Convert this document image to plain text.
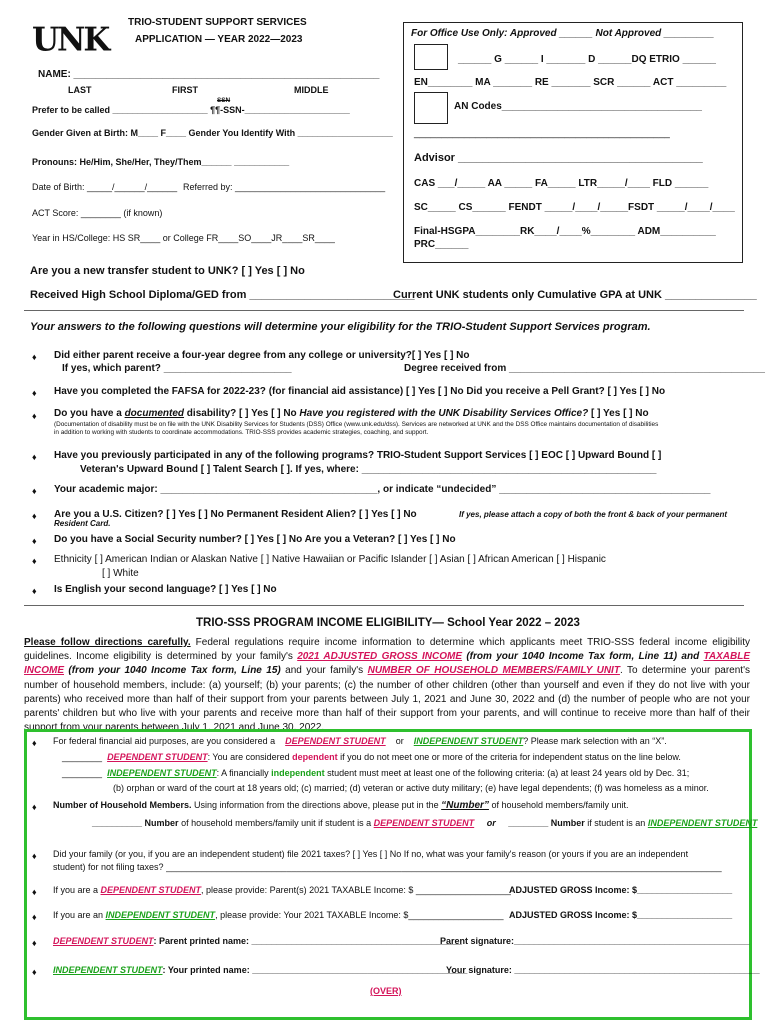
UNK TRIO-STUDENT SUPPORT SERVICES
APPLICATION — YEAR 2022—2023
For Office Use Only: Approved ______ Not Approved _________
______ G ______ I _______ D ______DQ ETRIO ______
EN________ MA _______ RE _______ SCR ______ ACT _________
AN Codes____________________________________
______________________________________________
Advisor ________________________________________
CAS ___/_____ AA _____ FA_____ LTR_____/____ FLD ______
SC_____ CS______ FENDT _____/____/_____FSDT _____/____/____
Final-HSGPA________RK____/____%________ ADM__________
PRC______
NAME: _______________________________________________________
LAST	FIRST	MIDDLE
SSN
Prefer to be called ___________________ ¶¶-SSN-_____________________
Gender Given at Birth: M____ F____ Gender You Identify With ___________________
Pronouns: He/Him, She/Her, They/Them______ ___________
Date of Birth: _____/______/______ Referred by: ______________________________
ACT Score: ________ (if known)
Year in HS/College: HS SR____ or College FR____SO____JR____SR____
Are you a new transfer student to UNK? [ ] Yes [ ] No
Received High School Diploma/GED from ___________________________
Current UNK students only Cumulative GPA at UNK _______________
Your answers to the following questions will determine your eligibility for the TRIO-Student Support Services program.
♦ Did either parent receive a four-year degree from any college or university?[ ] Yes [ ] No
If yes, which parent? _______________________	Degree received from ______________________________________________
♦ Have you completed the FAFSA for 2022-23? (for financial aid assistance) [ ] Yes [ ] No Did you receive a Pell Grant? [ ] Yes [ ] No
♦ Do you have a documented disability? [ ] Yes [ ] No Have you registered with the UNK Disability Services Office? [ ] Yes [ ] No
(Documentation of disability must be on file with the UNK Disability Services for Students (DSS) Office (www.unk.edu/dss). Services are networked at UNK and the DSS Office maintains documentation of disabilities
in addition to working with students to coordinate accommodations. TRIO-SSS provides academic strategies, coaching, and support.
♦ Have you previously participated in any of the following programs? TRIO-Student Support Services [ ] EOC [ ] Upward Bound [ ]
Veteran's Upward Bound [ ] Talent Search [ ]. If yes, where: _____________________________________________________
♦ Your academic major: _______________________________________, or indicate “undecided” ______________________________________
♦ Are you a U.S. Citizen? [ ] Yes [ ] No Permanent Resident Alien? [ ] Yes [ ] No	If yes, please attach a copy of both the front & back of your permanent
Resident Card.
♦ Do you have a Social Security number? [ ] Yes [ ] No Are you a Veteran? [ ] Yes [ ] No
♦ Ethnicity [ ] American Indian or Alaskan Native [ ] Native Hawaiian or Pacific Islander [ ] Asian [ ] African American [ ] Hispanic
[ ] White
♦ Is English your second language? [ ] Yes [ ] No
TRIO-SSS PROGRAM INCOME ELIGIBILITY— School Year 2022 – 2023
Please follow directions carefully. Federal regulations require income information to determine which applicants meet TRIO-SSS federal income eligibility guidelines. Income eligibility is determined by your family's 2021 ADJUSTED GROSS INCOME (from your 1040 Income Tax form, Line 11) and TAXABLE INCOME (from your 1040 Income Tax form, Line 15) and your family's NUMBER OF HOUSEHOLD MEMBERS/FAMILY UNIT. To determine your parent's number of household members, include: (a) yourself; (b) your parents; (c) the number of other children (other than yourself and even if they do not live with your parents) who received more than half of their support from your parents between July 1, 2021 and June 30, 2022 and (d) the number of people who are not your parents' children but who live with your parents and receive more than half of their support from your parents, and will continue to receive more than half of their support from your parents between July 1, 2021 and June 30, 2022.
♦ For federal financial aid purposes, are you considered a DEPENDENT STUDENT or INDEPENDENT STUDENT? Please mark selection with an “X”.
________ DEPENDENT STUDENT: You are considered dependent if you do not meet one or more of the criteria for independent status on the line below.
________ INDEPENDENT STUDENT: A financially independent student must meet at least one of the following criteria: (a) at least 24 years old by Dec. 31;
(b) orphan or ward of the court at 18 years old; (c) married; (d) veteran or active duty military; (e) have legal dependents; (f) was homeless as a minor.
♦ Number of Household Members. Using information from the directions above, please put in the “Number” of household members/family unit.
__________ Number of household members/family unit if student is a DEPENDENT STUDENT or ________ Number if student is an INDEPENDENT STUDENT
♦ Did your family (or you, if you are an independent student) file 2021 taxes? [ ] Yes [ ] No If no, what was your family's reason (or yours if you are an independent
student) for not filing taxes? _______________________________________________________________________________________________________________
♦ If you are a DEPENDENT STUDENT, please provide: Parent(s) 2021 TAXABLE Income: $ ___________________
ADJUSTED GROSS Income: $___________________
♦ If you are an INDEPENDENT STUDENT, please provide: Your 2021 TAXABLE Income: $___________________ ADJUSTED GROSS Income: $___________________
♦ DEPENDENT STUDENT: Parent printed name: __________________________________________
Parent signature:_______________________________________________
♦ INDEPENDENT STUDENT: Your printed name: ___________________________________________
Your signature: _________________________________________________
(OVER)
